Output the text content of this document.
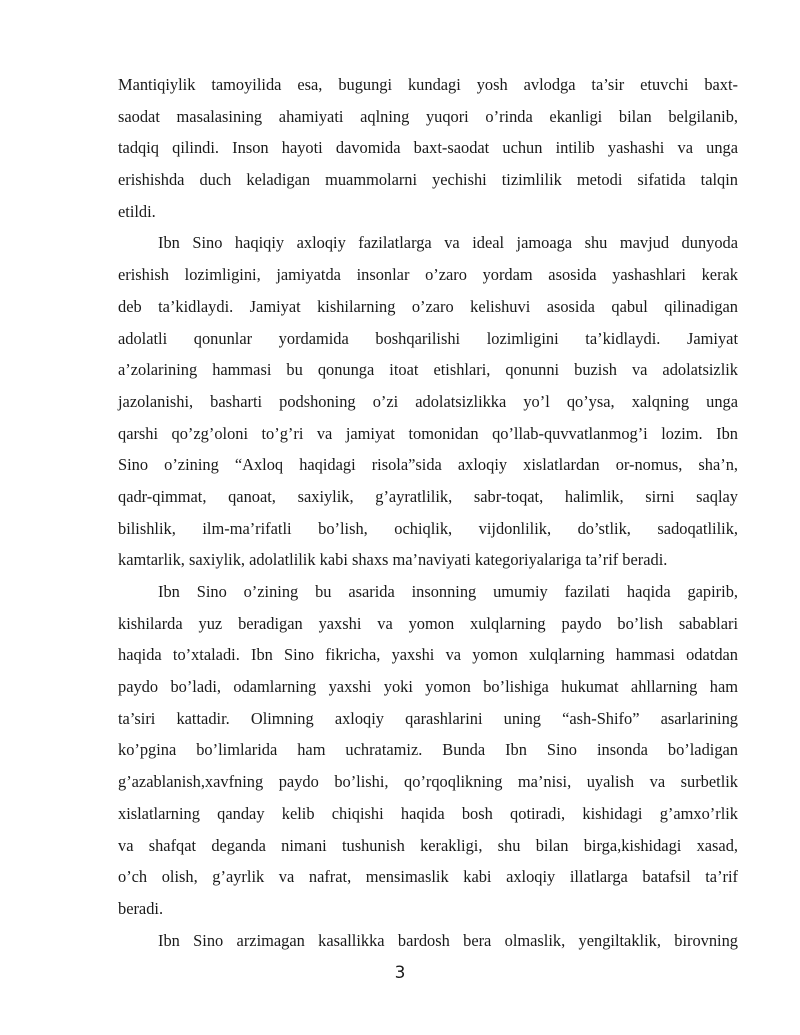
Mantiqiylik tamoyilida esa, bugungi kundagi yosh avlodga ta’sir etuvchi baxt-
saodat masalasining ahamiyati aqlning yuqori o’rinda ekanligi bilan belgilanib,
tadqiq qilindi. Inson hayoti davomida baxt-saodat uchun intilib yashashi va unga
erishishda duch keladigan muammolarni yechishi tizimlilik metodi sifatida talqin
etildi.
Ibn Sino haqiqiy axloqiy fazilatlarga va ideal jamoaga shu mavjud dunyoda
erishish lozimligini, jamiyatda insonlar o’zaro yordam asosida yashashlari kerak
deb ta’kidlaydi. Jamiyat kishilarning o’zaro kelishuvi asosida qabul qilinadigan
adolatli qonunlar yordamida boshqarilishi lozimligini ta’kidlaydi. Jamiyat
a’zolarining hammasi bu qonunga itoat etishlari, qonunni buzish va adolatsizlik
jazolanishi, basharti podshoning o’zi adolatsizlikka yo’l qo’ysa, xalqning unga
qarshi qo’zg’oloni to’g’ri va jamiyat tomonidan qo’llab-quvvatlanmog’i lozim. Ibn
Sino o’zining “Axloq haqidagi risola”sida axloqiy xislatlardan or-nomus, sha’n,
qadr-qimmat, qanoat, saxiylik, g’ayratlilik, sabr-toqat, halimlik, sirni saqlay
bilishlik, ilm-ma’rifatli bo’lish, ochiqlik, vijdonlilik, do’stlik, sadoqatlilik,
kamtarlik, saxiylik, adolatlilik kabi shaxs ma’naviyati kategoriyalariga ta’rif beradi.
Ibn Sino o’zining bu asarida insonning umumiy fazilati haqida gapirib,
kishilarda yuz beradigan yaxshi va yomon xulqlarning paydo bo’lish sabablari
haqida to’xtaladi. Ibn Sino fikricha, yaxshi va yomon xulqlarning hammasi odatdan
paydo bo’ladi, odamlarning yaxshi yoki yomon bo’lishiga hukumat ahllarning ham
ta’siri kattadir. Olimning axloqiy qarashlarini uning “ash-Shifo” asarlarining
ko’pgina bo’limlarida ham uchratamiz. Bunda Ibn Sino insonda bo’ladigan
g’azablanish,xavfning paydo bo’lishi, qo’rqoqlikning ma’nisi, uyalish va surbetlik
xislatlarning qanday kelib chiqishi haqida bosh qotiradi, kishidagi g’amxo’rlik
va shafqat deganda nimani tushunish kerakligi, shu bilan birga,kishidagi xasad,
o’ch olish, g’ayrlik va nafrat, mensimaslik kabi axloqiy illatlarga batafsil ta’rif
beradi.
Ibn Sino arzimagan kasallikka bardosh bera olmaslik, yengiltaklik, birovning
3
